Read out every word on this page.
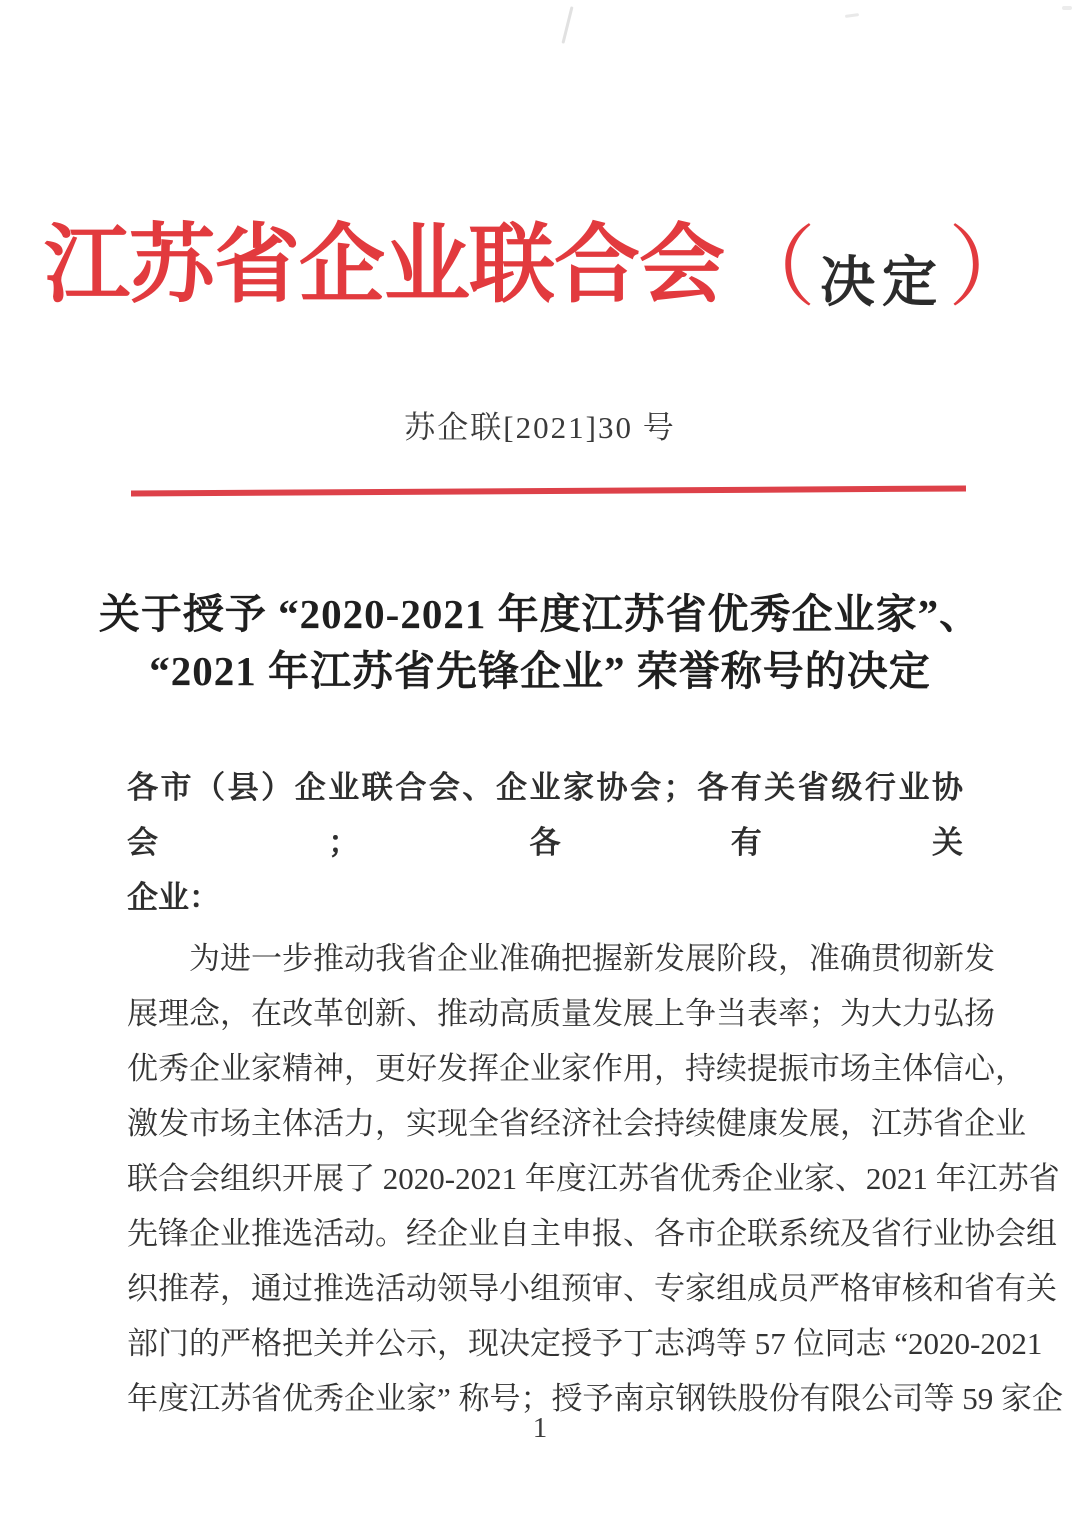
江苏省企业联合会 （ 决定 ）
苏企联[2021]30 号
关于授予 “2020-2021 年度江苏省优秀企业家”、
“2021 年江苏省先锋企业” 荣誉称号的决定
各市（县）企业联合会、企业家协会；各有关省级行业协会；各有关
企业：
为进一步推动我省企业准确把握新发展阶段，准确贯彻新发
展理念，在改革创新、推动高质量发展上争当表率；为大力弘扬
优秀企业家精神，更好发挥企业家作用，持续提振市场主体信心，
激发市场主体活力，实现全省经济社会持续健康发展，江苏省企业
联合会组织开展了 2020-2021 年度江苏省优秀企业家、2021 年江苏省
先锋企业推选活动。经企业自主申报、各市企联系统及省行业协会组
织推荐，通过推选活动领导小组预审、专家组成员严格审核和省有关
部门的严格把关并公示，现决定授予丁志鸿等 57 位同志 “2020-2021
年度江苏省优秀企业家” 称号；授予南京钢铁股份有限公司等 59 家企
1
